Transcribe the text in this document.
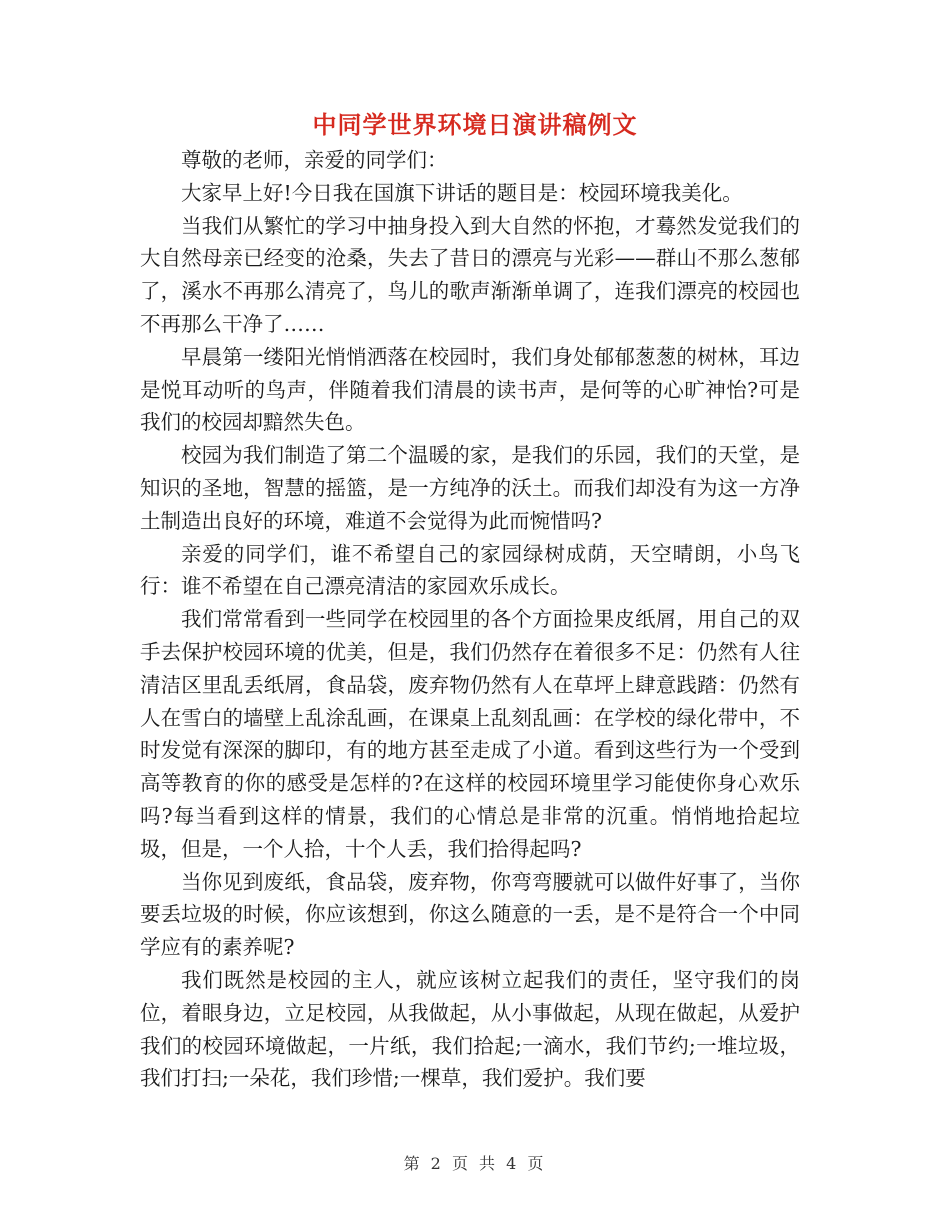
中同学世界环境日演讲稿例文

尊敬的老师，亲爱的同学们：

大家早上好!今日我在国旗下讲话的题目是：校园环境我美化。

当我们从繁忙的学习中抽身投入到大自然的怀抱，才蓦然发觉我们的大自然母亲已经变的沧桑，失去了昔日的漂亮与光彩——群山不那么葱郁了，溪水不再那么清亮了，鸟儿的歌声渐渐单调了，连我们漂亮的校园也不再那么干净了……

早晨第一缕阳光悄悄洒落在校园时，我们身处郁郁葱葱的树林，耳边是悦耳动听的鸟声，伴随着我们清晨的读书声，是何等的心旷神怡?可是我们的校园却黯然失色。

校园为我们制造了第二个温暖的家，是我们的乐园，我们的天堂，是知识的圣地，智慧的摇篮，是一方纯净的沃土。而我们却没有为这一方净土制造出良好的环境，难道不会觉得为此而惋惜吗?

亲爱的同学们，谁不希望自己的家园绿树成荫，天空晴朗，小鸟飞行：谁不希望在自己漂亮清洁的家园欢乐成长。

我们常常看到一些同学在校园里的各个方面捡果皮纸屑，用自己的双手去保护校园环境的优美，但是，我们仍然存在着很多不足：仍然有人往清洁区里乱丢纸屑，食品袋，废弃物仍然有人在草坪上肆意践踏：仍然有人在雪白的墙壁上乱涂乱画，在课桌上乱刻乱画：在学校的绿化带中，不时发觉有深深的脚印，有的地方甚至走成了小道。看到这些行为一个受到高等教育的你的感受是怎样的?在这样的校园环境里学习能使你身心欢乐吗?每当看到这样的情景，我们的心情总是非常的沉重。悄悄地拾起垃圾，但是，一个人拾，十个人丢，我们拾得起吗?

当你见到废纸，食品袋，废弃物，你弯弯腰就可以做件好事了，当你要丢垃圾的时候，你应该想到，你这么随意的一丢，是不是符合一个中同学应有的素养呢?

我们既然是校园的主人，就应该树立起我们的责任，坚守我们的岗位，着眼身边，立足校园，从我做起，从小事做起，从现在做起，从爱护我们的校园环境做起，一片纸，我们拾起;一滴水，我们节约;一堆垃圾，我们打扫;一朵花，我们珍惜;一棵草，我们爱护。我们要

第 2 页 共 4 页
